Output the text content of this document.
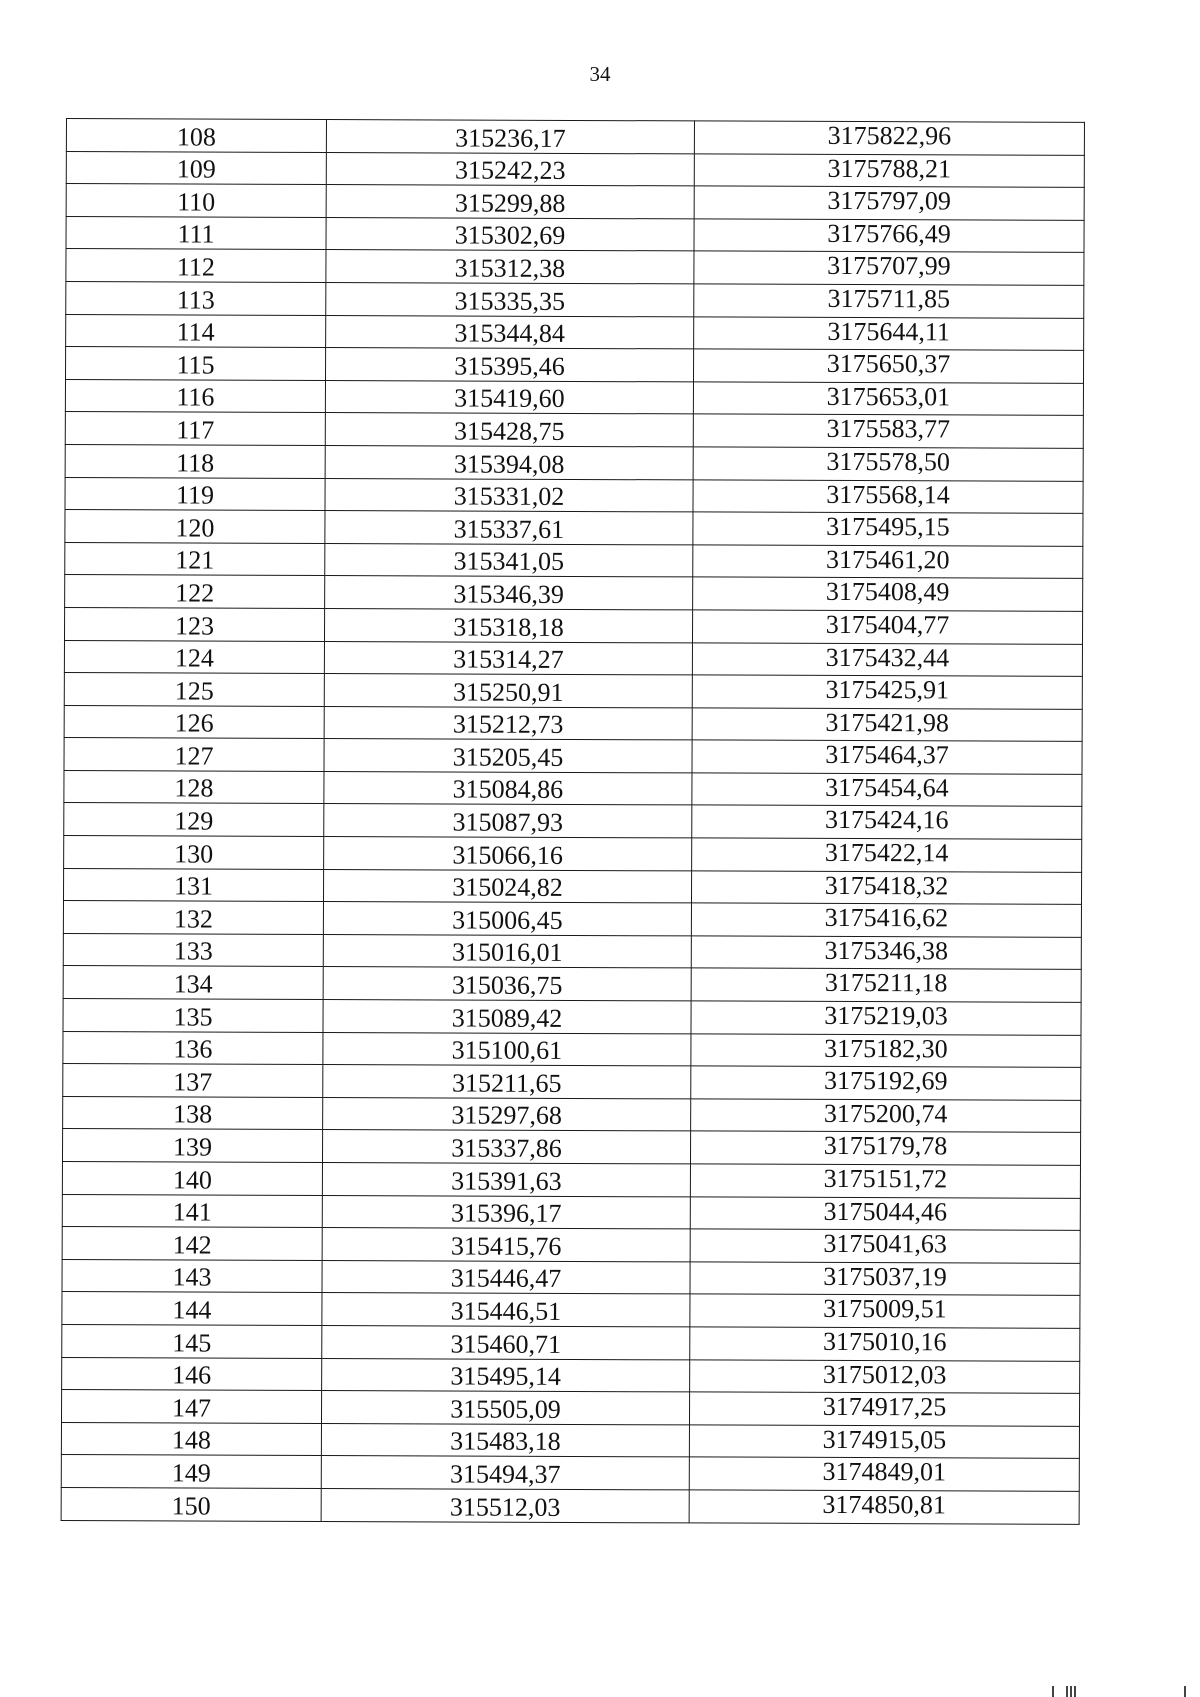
34
108	315236,17	3175822,96
109	315242,23	3175788,21
110	315299,88	3175797,09
111	315302,69	3175766,49
112	315312,38	3175707,99
113	315335,35	3175711,85
114	315344,84	3175644,11
115	315395,46	3175650,37
116	315419,60	3175653,01
117	315428,75	3175583,77
118	315394,08	3175578,50
119	315331,02	3175568,14
120	315337,61	3175495,15
121	315341,05	3175461,20
122	315346,39	3175408,49
123	315318,18	3175404,77
124	315314,27	3175432,44
125	315250,91	3175425,91
126	315212,73	3175421,98
127	315205,45	3175464,37
128	315084,86	3175454,64
129	315087,93	3175424,16
130	315066,16	3175422,14
131	315024,82	3175418,32
132	315006,45	3175416,62
133	315016,01	3175346,38
134	315036,75	3175211,18
135	315089,42	3175219,03
136	315100,61	3175182,30
137	315211,65	3175192,69
138	315297,68	3175200,74
139	315337,86	3175179,78
140	315391,63	3175151,72
141	315396,17	3175044,46
142	315415,76	3175041,63
143	315446,47	3175037,19
144	315446,51	3175009,51
145	315460,71	3175010,16
146	315495,14	3175012,03
147	315505,09	3174917,25
148	315483,18	3174915,05
149	315494,37	3174849,01
150	315512,03	3174850,81
